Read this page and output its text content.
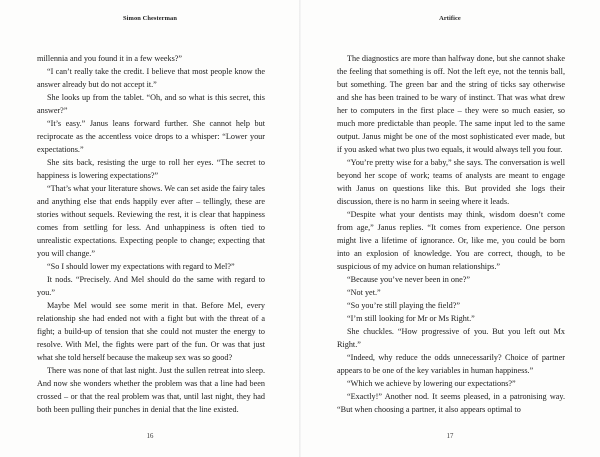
Simon Chesterman

millennia and you found it in a few weeks?”

“I can’t really take the credit. I believe that most people know the answer already but do not accept it.”

She looks up from the tablet. “Oh, and so what is this secret, this answer?”

“It’s easy.” Janus leans forward further. She cannot help but reciprocate as the accentless voice drops to a whisper: “Lower your expectations.”

She sits back, resisting the urge to roll her eyes. “The secret to happiness is lowering expectations?”

“That’s what your literature shows. We can set aside the fairy tales and anything else that ends happily ever after – tellingly, these are stories without sequels. Reviewing the rest, it is clear that happiness comes from settling for less. And unhappiness is often tied to unrealistic expectations. Expecting people to change; expecting that you will change.”

“So I should lower my expectations with regard to Mel?”

It nods. “Precisely. And Mel should do the same with regard to you.”

Maybe Mel would see some merit in that. Before Mel, every relationship she had ended not with a fight but with the threat of a fight; a build-up of tension that she could not muster the energy to resolve. With Mel, the fights were part of the fun. Or was that just what she told herself because the makeup sex was so good?

There was none of that last night. Just the sullen retreat into sleep. And now she wonders whether the problem was that a line had been crossed – or that the real problem was that, until last night, they had both been pulling their punches in denial that the line existed.

16
Artifice

The diagnostics are more than halfway done, but she cannot shake the feeling that something is off. Not the left eye, not the tennis ball, but something. The green bar and the string of ticks say otherwise and she has been trained to be wary of instinct. That was what drew her to computers in the first place – they were so much easier, so much more predictable than people. The same input led to the same output. Janus might be one of the most sophisticated ever made, but if you asked what two plus two equals, it would always tell you four.

“You’re pretty wise for a baby,” she says. The conversation is well beyond her scope of work; teams of analysts are meant to engage with Janus on questions like this. But provided she logs their discussion, there is no harm in seeing where it leads.

“Despite what your dentists may think, wisdom doesn’t come from age,” Janus replies. “It comes from experience. One person might live a lifetime of ignorance. Or, like me, you could be born into an explosion of knowledge. You are correct, though, to be suspicious of my advice on human relationships.”

“Because you’ve never been in one?”

“Not yet.”

“So you’re still playing the field?”

“I’m still looking for Mr or Ms Right.”

She chuckles. “How progressive of you. But you left out Mx Right.”

“Indeed, why reduce the odds unnecessarily? Choice of partner appears to be one of the key variables in human happiness.”

“Which we achieve by lowering our expectations?”

“Exactly!” Another nod. It seems pleased, in a patronising way. “But when choosing a partner, it also appears optimal to

17
